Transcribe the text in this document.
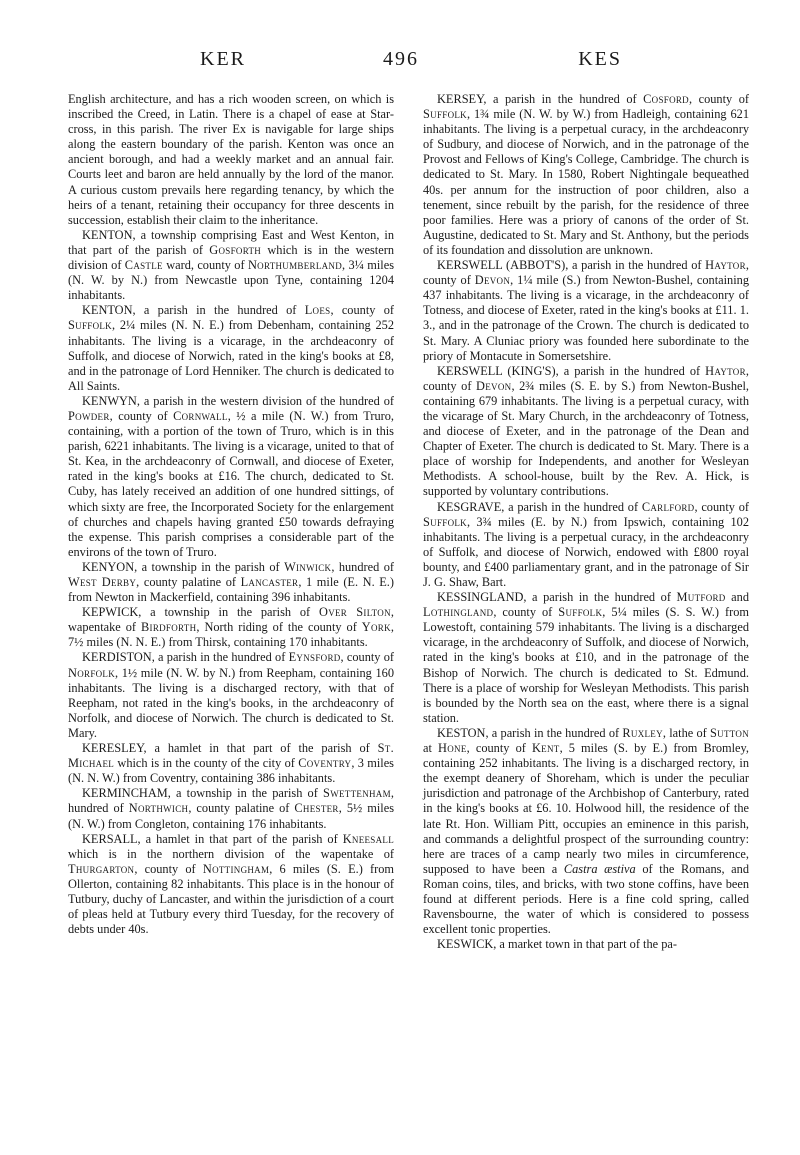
KER	496	KES

English architecture, and has a rich wooden screen, on which is inscribed the Creed, in Latin. There is a chapel of ease at Star-cross, in this parish. The river Ex is navigable for large ships along the eastern boundary of the parish. Kenton was once an ancient borough, and had a weekly market and an annual fair. Courts leet and baron are held annually by the lord of the manor. A curious custom prevails here regarding tenancy, by which the heirs of a tenant, retaining their occupancy for three descents in succession, establish their claim to the inheritance.

KENTON, a township comprising East and West Kenton, in that part of the parish of Gosforth which is in the western division of Castle ward, county of Northumberland, 3¼ miles (N. W. by N.) from Newcastle upon Tyne, containing 1204 inhabitants.

KENTON, a parish in the hundred of Loes, county of Suffolk, 2¼ miles (N. N. E.) from Debenham, containing 252 inhabitants. The living is a vicarage, in the archdeaconry of Suffolk, and diocese of Norwich, rated in the king's books at £8, and in the patronage of Lord Henniker. The church is dedicated to All Saints.

KENWYN, a parish in the western division of the hundred of Powder, county of Cornwall, ½ a mile (N. W.) from Truro, containing, with a portion of the town of Truro, which is in this parish, 6221 inhabitants. The living is a vicarage, united to that of St. Kea, in the archdeaconry of Cornwall, and diocese of Exeter, rated in the king's books at £16. The church, dedicated to St. Cuby, has lately received an addition of one hundred sittings, of which sixty are free, the Incorporated Society for the enlargement of churches and chapels having granted £50 towards defraying the expense. This parish comprises a considerable part of the environs of the town of Truro.

KENYON, a township in the parish of Winwick, hundred of West Derby, county palatine of Lancaster, 1 mile (E. N. E.) from Newton in Mackerfield, containing 396 inhabitants.

KEPWICK, a township in the parish of Over Silton, wapentake of Birdforth, North riding of the county of York, 7½ miles (N. N. E.) from Thirsk, containing 170 inhabitants.

KERDISTON, a parish in the hundred of Eynsford, county of Norfolk, 1½ mile (N. W. by N.) from Reepham, containing 160 inhabitants. The living is a discharged rectory, with that of Reepham, not rated in the king's books, in the archdeaconry of Norfolk, and diocese of Norwich. The church is dedicated to St. Mary.

KERESLEY, a hamlet in that part of the parish of St. Michael which is in the county of the city of Coventry, 3 miles (N. N. W.) from Coventry, containing 386 inhabitants.

KERMINCHAM, a township in the parish of Swettenham, hundred of Northwich, county palatine of Chester, 5½ miles (N. W.) from Congleton, containing 176 inhabitants.

KERSALL, a hamlet in that part of the parish of Kneesall which is in the northern division of the wapentake of Thurgarton, county of Nottingham, 6 miles (S. E.) from Ollerton, containing 82 inhabitants. This place is in the honour of Tutbury, duchy of Lancaster, and within the jurisdiction of a court of pleas held at Tutbury every third Tuesday, for the recovery of debts under 40s.

KERSEY, a parish in the hundred of Cosford, county of Suffolk, 1¾ mile (N. W. by W.) from Hadleigh, containing 621 inhabitants. The living is a perpetual curacy, in the archdeaconry of Sudbury, and diocese of Norwich, and in the patronage of the Provost and Fellows of King's College, Cambridge. The church is dedicated to St. Mary. In 1580, Robert Nightingale bequeathed 40s. per annum for the instruction of poor children, also a tenement, since rebuilt by the parish, for the residence of three poor families. Here was a priory of canons of the order of St. Augustine, dedicated to St. Mary and St. Anthony, but the periods of its foundation and dissolution are unknown.

KERSWELL (ABBOT'S), a parish in the hundred of Haytor, county of Devon, 1¼ mile (S.) from Newton-Bushel, containing 437 inhabitants. The living is a vicarage, in the archdeaconry of Totness, and diocese of Exeter, rated in the king's books at £11. 1. 3., and in the patronage of the Crown. The church is dedicated to St. Mary. A Cluniac priory was founded here subordinate to the priory of Montacute in Somersetshire.

KERSWELL (KING'S), a parish in the hundred of Haytor, county of Devon, 2¾ miles (S. E. by S.) from Newton-Bushel, containing 679 inhabitants. The living is a perpetual curacy, with the vicarage of St. Mary Church, in the archdeaconry of Totness, and diocese of Exeter, and in the patronage of the Dean and Chapter of Exeter. The church is dedicated to St. Mary. There is a place of worship for Independents, and another for Wesleyan Methodists. A school-house, built by the Rev. A. Hick, is supported by voluntary contributions.

KESGRAVE, a parish in the hundred of Carlford, county of Suffolk, 3¾ miles (E. by N.) from Ipswich, containing 102 inhabitants. The living is a perpetual curacy, in the archdeaconry of Suffolk, and diocese of Norwich, endowed with £800 royal bounty, and £400 parliamentary grant, and in the patronage of Sir J. G. Shaw, Bart.

KESSINGLAND, a parish in the hundred of Mutford and Lothingland, county of Suffolk, 5¼ miles (S. S. W.) from Lowestoft, containing 579 inhabitants. The living is a discharged vicarage, in the archdeaconry of Suffolk, and diocese of Norwich, rated in the king's books at £10, and in the patronage of the Bishop of Norwich. The church is dedicated to St. Edmund. There is a place of worship for Wesleyan Methodists. This parish is bounded by the North sea on the east, where there is a signal station.

KESTON, a parish in the hundred of Ruxley, lathe of Sutton at Hone, county of Kent, 5 miles (S. by E.) from Bromley, containing 252 inhabitants. The living is a discharged rectory, in the exempt deanery of Shoreham, which is under the peculiar jurisdiction and patronage of the Archbishop of Canterbury, rated in the king's books at £6. 10. Holwood hill, the residence of the late Rt. Hon. William Pitt, occupies an eminence in this parish, and commands a delightful prospect of the surrounding country: here are traces of a camp nearly two miles in circumference, supposed to have been a Castra æstiva of the Romans, and Roman coins, tiles, and bricks, with two stone coffins, have been found at different periods. Here is a fine cold spring, called Ravensbourne, the water of which is considered to possess excellent tonic properties.

KESWICK, a market town in that part of the pa-
